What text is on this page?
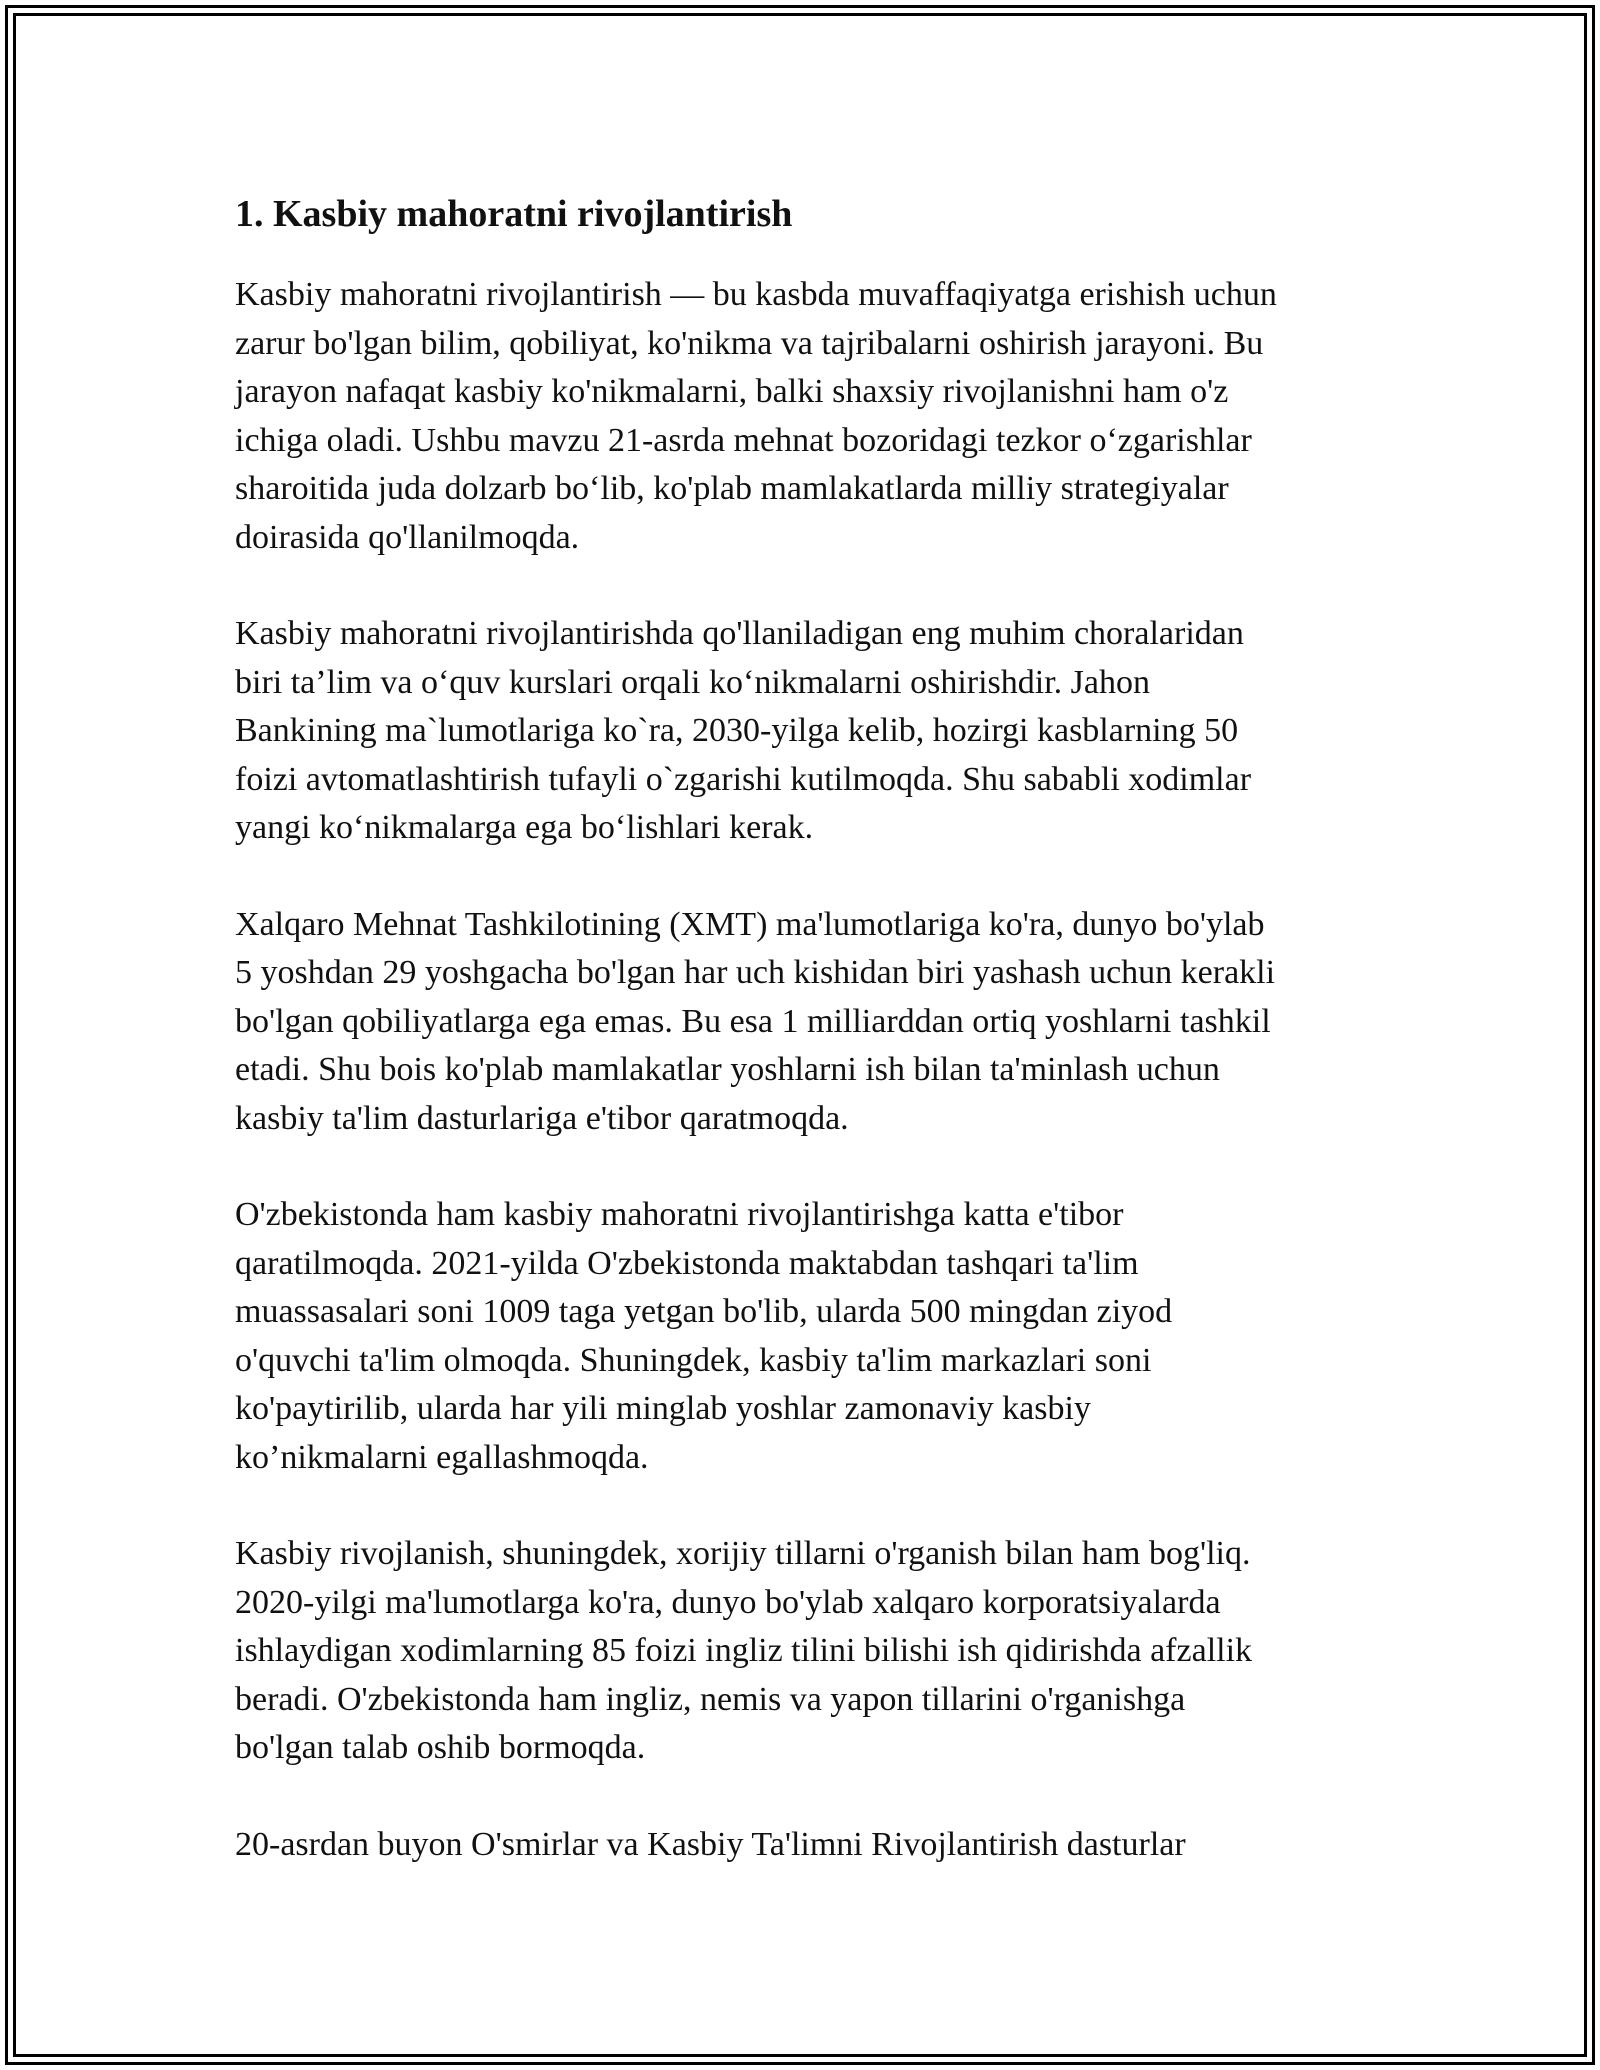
1. Kasbiy mahoratni rivojlantirish

Kasbiy mahoratni rivojlantirish — bu kasbda muvaffaqiyatga erishish uchun
zarur bo'lgan bilim, qobiliyat, ko'nikma va tajribalarni oshirish jarayoni. Bu
jarayon nafaqat kasbiy ko'nikmalarni, balki shaxsiy rivojlanishni ham o'z
ichiga oladi. Ushbu mavzu 21-asrda mehnat bozoridagi tezkor o‘zgarishlar
sharoitida juda dolzarb bo‘lib, ko'plab mamlakatlarda milliy strategiyalar
doirasida qo'llanilmoqda.

Kasbiy mahoratni rivojlantirishda qo'llaniladigan eng muhim choralaridan
biri ta’lim va o‘quv kurslari orqali ko‘nikmalarni oshirishdir. Jahon
Bankining ma`lumotlariga ko`ra, 2030-yilga kelib, hozirgi kasblarning 50
foizi avtomatlashtirish tufayli o`zgarishi kutilmoqda. Shu sababli xodimlar
yangi ko‘nikmalarga ega bo‘lishlari kerak.

Xalqaro Mehnat Tashkilotining (XMT) ma'lumotlariga ko'ra, dunyo bo'ylab
5 yoshdan 29 yoshgacha bo'lgan har uch kishidan biri yashash uchun kerakli
bo'lgan qobiliyatlarga ega emas. Bu esa 1 milliarddan ortiq yoshlarni tashkil
etadi. Shu bois ko'plab mamlakatlar yoshlarni ish bilan ta'minlash uchun
kasbiy ta'lim dasturlariga e'tibor qaratmoqda.

O'zbekistonda ham kasbiy mahoratni rivojlantirishga katta e'tibor
qaratilmoqda. 2021-yilda O'zbekistonda maktabdan tashqari ta'lim
muassasalari soni 1009 taga yetgan bo'lib, ularda 500 mingdan ziyod
o'quvchi ta'lim olmoqda. Shuningdek, kasbiy ta'lim markazlari soni
ko'paytirilib, ularda har yili minglab yoshlar zamonaviy kasbiy
ko’nikmalarni egallashmoqda.

Kasbiy rivojlanish, shuningdek, xorijiy tillarni o'rganish bilan ham bog'liq.
2020-yilgi ma'lumotlarga ko'ra, dunyo bo'ylab xalqaro korporatsiyalarda
ishlaydigan xodimlarning 85 foizi ingliz tilini bilishi ish qidirishda afzallik
beradi. O'zbekistonda ham ingliz, nemis va yapon tillarini o'rganishga
bo'lgan talab oshib bormoqda.

20-asrdan buyon O'smirlar va Kasbiy Ta'limni Rivojlantirish dasturlar
